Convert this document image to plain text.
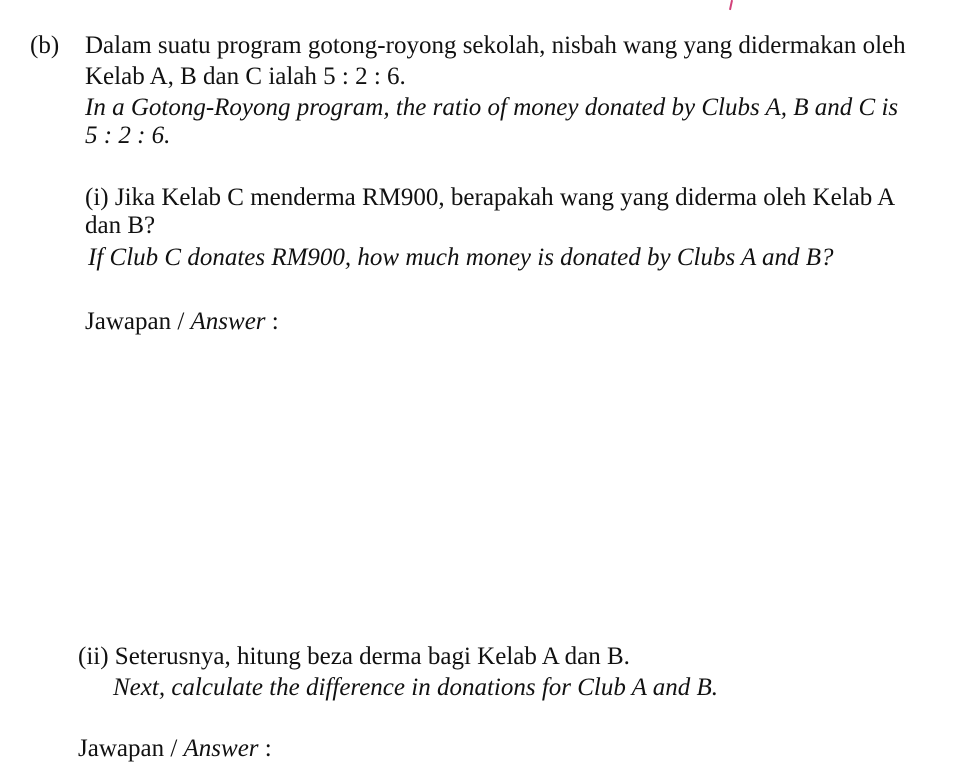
(b) Dalam suatu program gotong-royong sekolah, nisbah wang yang didermakan oleh
Kelab A, B dan C ialah 5 : 2 : 6.
In a Gotong-Royong program, the ratio of money donated by Clubs A, B and C is
5 : 2 : 6.
(i) Jika Kelab C menderma RM900, berapakah wang yang diderma oleh Kelab A
dan B?
If Club C donates RM900, how much money is donated by Clubs A and B?
Jawapan / Answer :
(ii) Seterusnya, hitung beza derma bagi Kelab A dan B.
Next, calculate the difference in donations for Club A and B.
Jawapan / Answer :
